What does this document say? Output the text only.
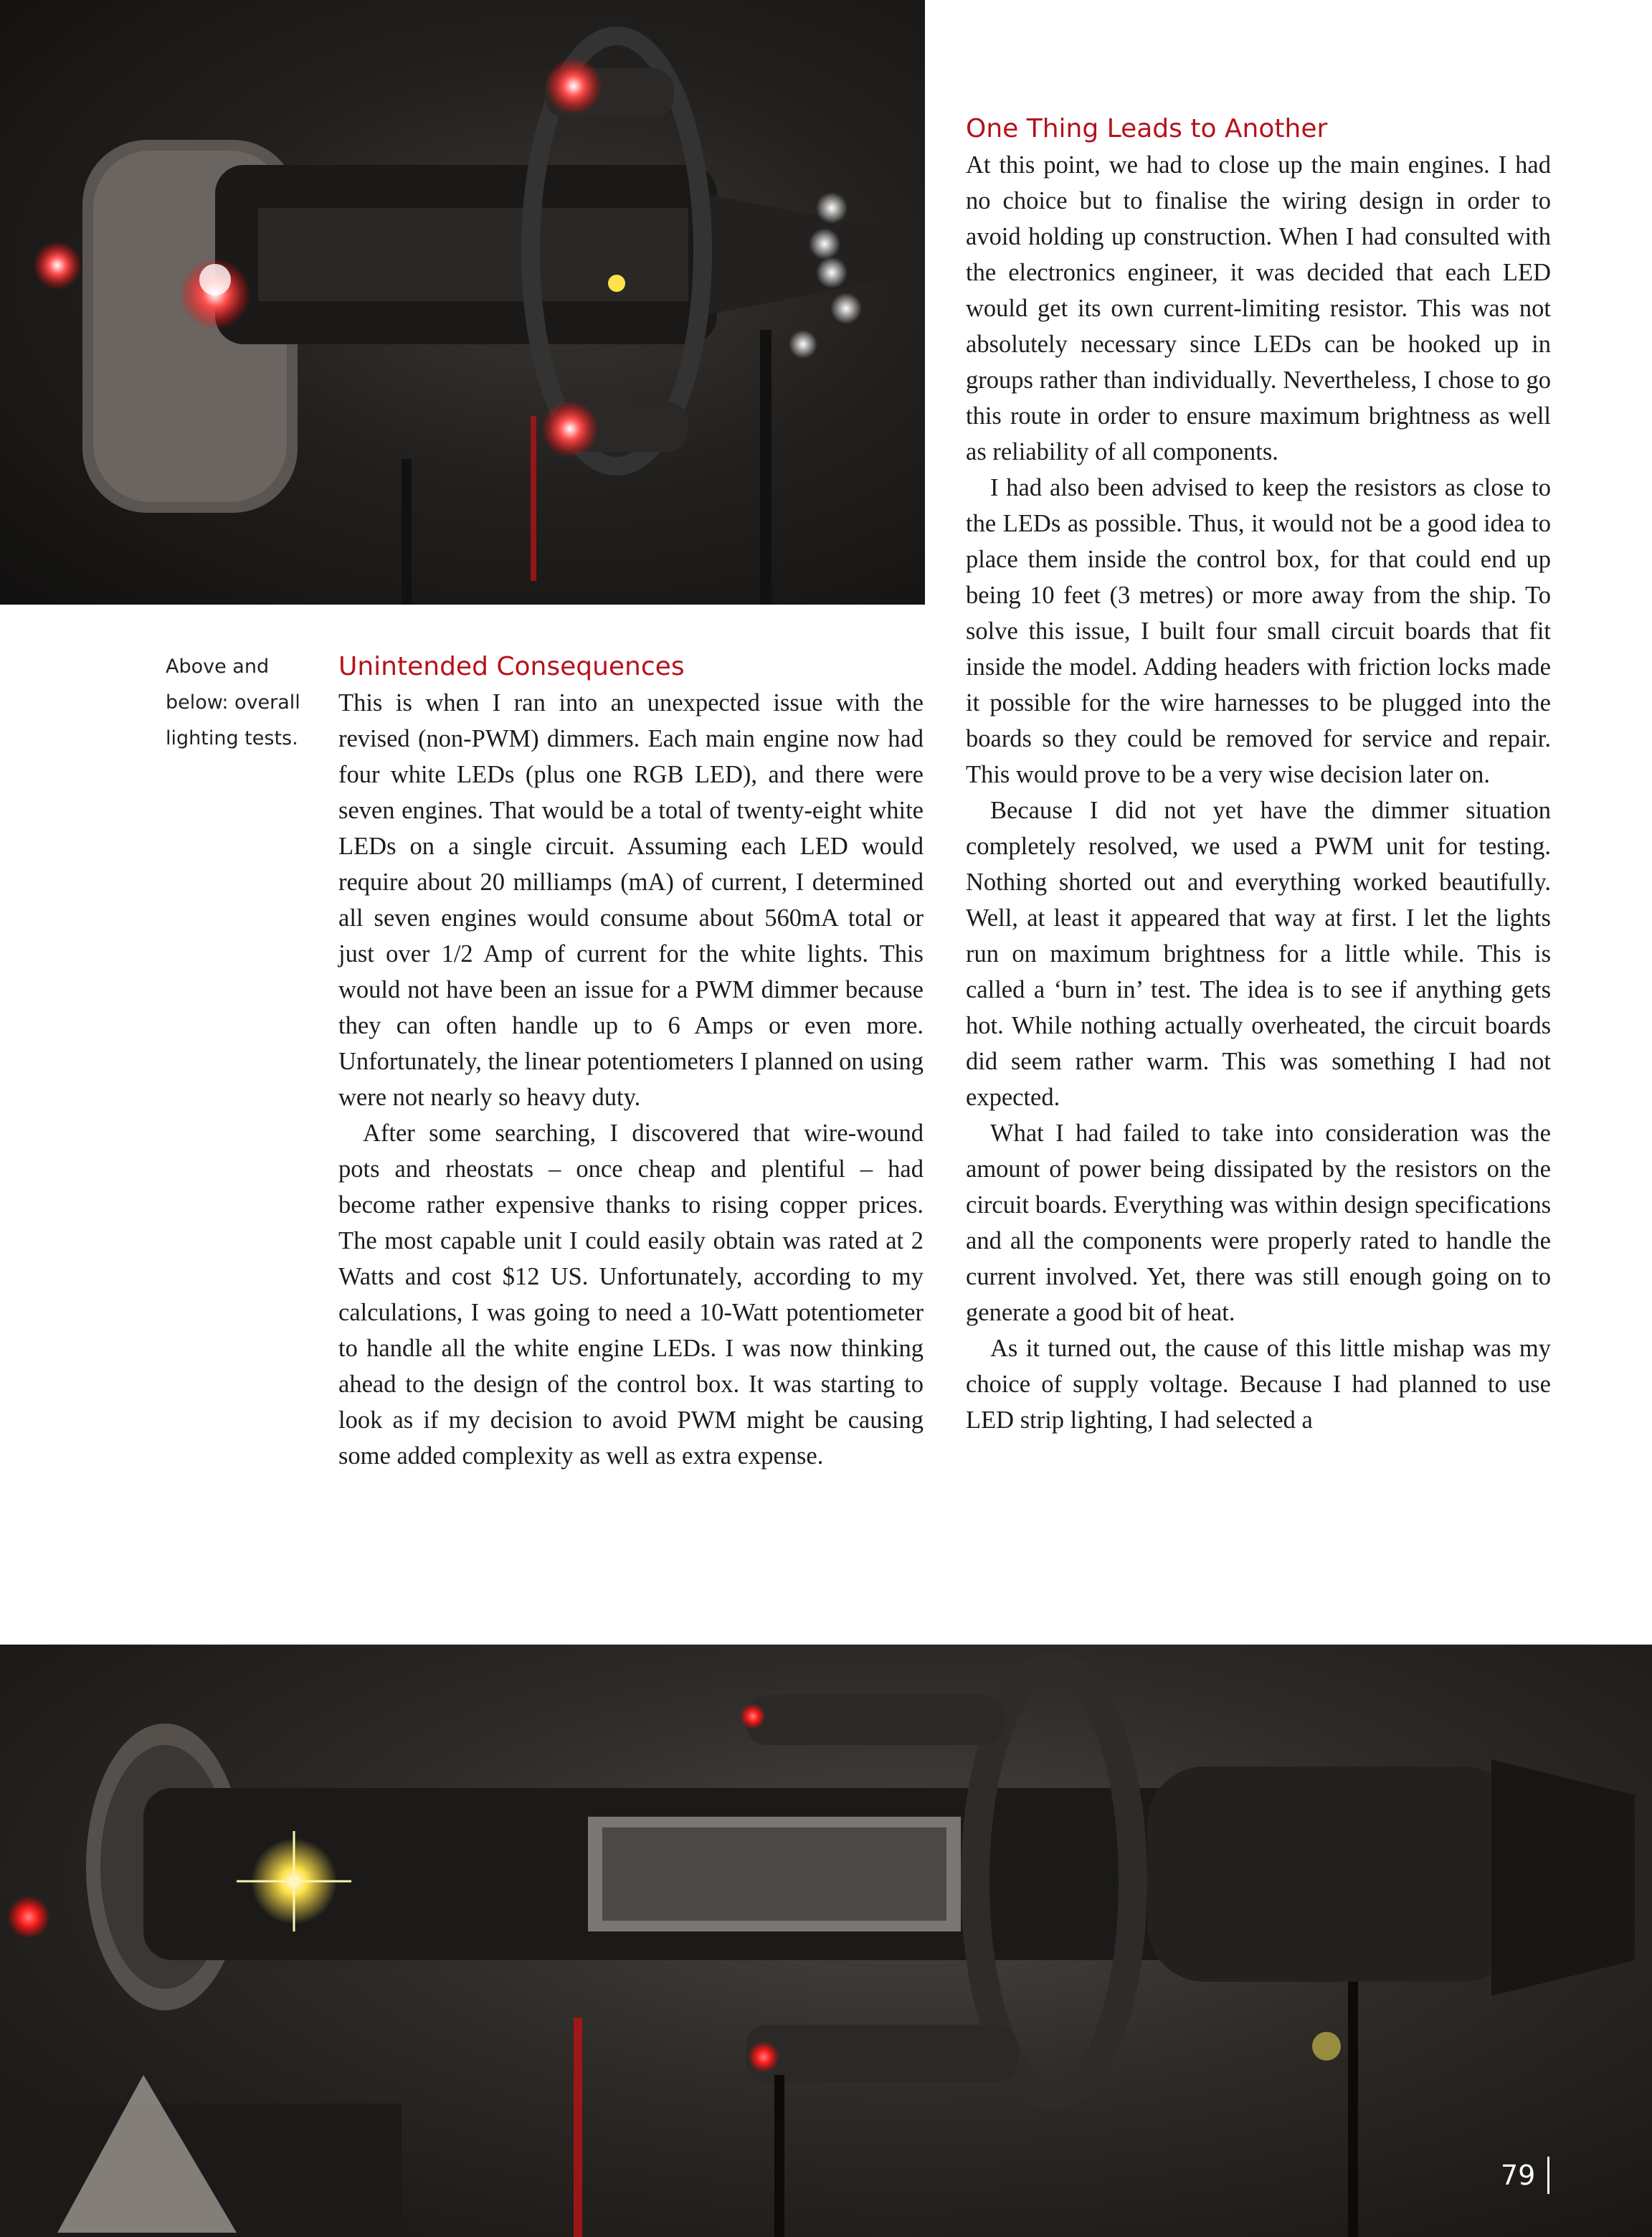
Above and below: overall lighting tests.
Unintended Consequences

This is when I ran into an unexpected issue with the revised (non-PWM) dimmers. Each main engine now had four white LEDs (plus one RGB LED), and there were seven engines. That would be a total of twenty-eight white LEDs on a single circuit. Assuming each LED would require about 20 milliamps (mA) of current, I determined all seven engines would consume about 560mA total or just over 1/2 Amp of current for the white lights. This would not have been an issue for a PWM dimmer because they can often handle up to 6 Amps or even more. Unfortunately, the linear potentiometers I planned on using were not nearly so heavy duty.

After some searching, I discovered that wire-wound pots and rheostats – once cheap and plentiful – had become rather expensive thanks to rising copper prices. The most capable unit I could easily obtain was rated at 2 Watts and cost $12 US. Unfortunately, according to my calculations, I was going to need a 10-Watt potentiometer to handle all the white engine LEDs. I was now thinking ahead to the design of the control box. It was starting to look as if my decision to avoid PWM might be causing some added complexity as well as extra expense.

One Thing Leads to Another

At this point, we had to close up the main engines. I had no choice but to finalise the wiring design in order to avoid holding up construction. When I had consulted with the electronics engineer, it was decided that each LED would get its own current-limiting resistor. This was not absolutely necessary since LEDs can be hooked up in groups rather than individually. Nevertheless, I chose to go this route in order to ensure maximum brightness as well as reliability of all components.

I had also been advised to keep the resistors as close to the LEDs as possible. Thus, it would not be a good idea to place them inside the control box, for that could end up being 10 feet (3 metres) or more away from the ship. To solve this issue, I built four small circuit boards that fit inside the model. Adding headers with friction locks made it possible for the wire harnesses to be plugged into the boards so they could be removed for service and repair. This would prove to be a very wise decision later on.

Because I did not yet have the dimmer situation completely resolved, we used a PWM unit for testing. Nothing shorted out and everything worked beautifully. Well, at least it appeared that way at first. I let the lights run on maximum brightness for a little while. This is called a ‘burn in’ test. The idea is to see if anything gets hot. While nothing actually overheated, the circuit boards did seem rather warm. This was something I had not expected.

What I had failed to take into consideration was the amount of power being dissipated by the resistors on the circuit boards. Everything was within design specifications and all the components were properly rated to handle the current involved. Yet, there was still enough going on to generate a good bit of heat.

As it turned out, the cause of this little mishap was my choice of supply voltage. Because I had planned to use LED strip lighting, I had selected a

79
